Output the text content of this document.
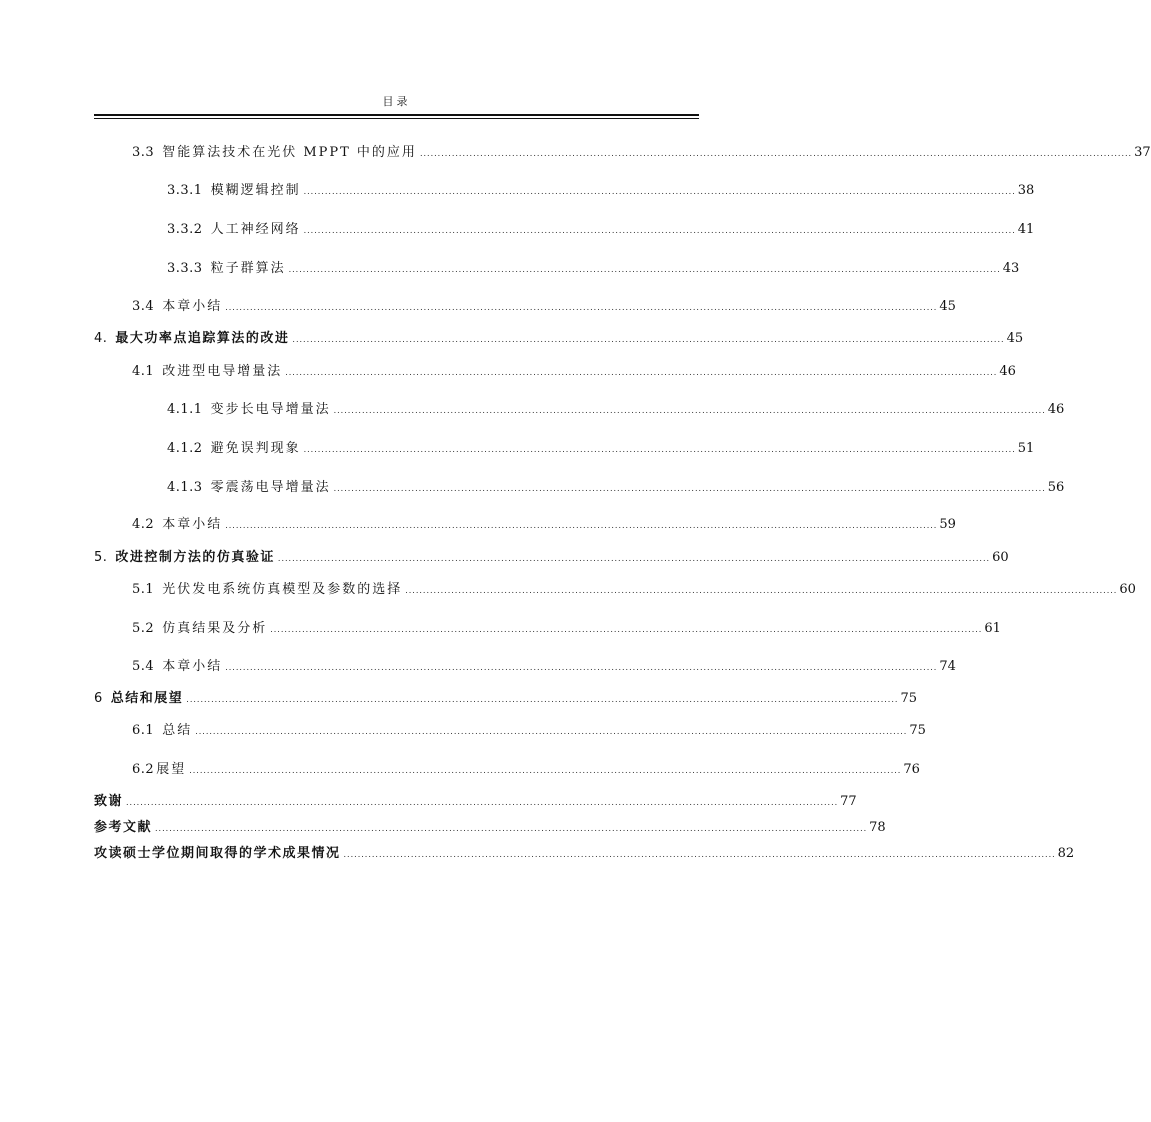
目录
3.3 智能算法技术在光伏 MPPT 中的应用 ......................................................................................................................................................................................................... 37
3.3.1 模糊逻辑控制 ......................................................................................................................................................................................................... 38
3.3.2 人工神经网络 ......................................................................................................................................................................................................... 41
3.3.3 粒子群算法 ......................................................................................................................................................................................................... 43
3.4 本章小结 ......................................................................................................................................................................................................... 45
4. 最大功率点追踪算法的改进 ......................................................................................................................................................................................................... 45
4.1 改进型电导增量法 ......................................................................................................................................................................................................... 46
4.1.1 变步长电导增量法 ......................................................................................................................................................................................................... 46
4.1.2 避免误判现象 ......................................................................................................................................................................................................... 51
4.1.3 零震荡电导增量法 ......................................................................................................................................................................................................... 56
4.2 本章小结 ......................................................................................................................................................................................................... 59
5. 改进控制方法的仿真验证 ......................................................................................................................................................................................................... 60
5.1 光伏发电系统仿真模型及参数的选择 ......................................................................................................................................................................................................... 60
5.2 仿真结果及分析 ......................................................................................................................................................................................................... 61
5.4 本章小结 ......................................................................................................................................................................................................... 74
6 总结和展望 ......................................................................................................................................................................................................... 75
6.1 总结 ......................................................................................................................................................................................................... 75
6.2 展望 ......................................................................................................................................................................................................... 76
致谢 ......................................................................................................................................................................................................... 77
参考文献 ......................................................................................................................................................................................................... 78
攻读硕士学位期间取得的学术成果情况 ......................................................................................................................................................................................................... 82
